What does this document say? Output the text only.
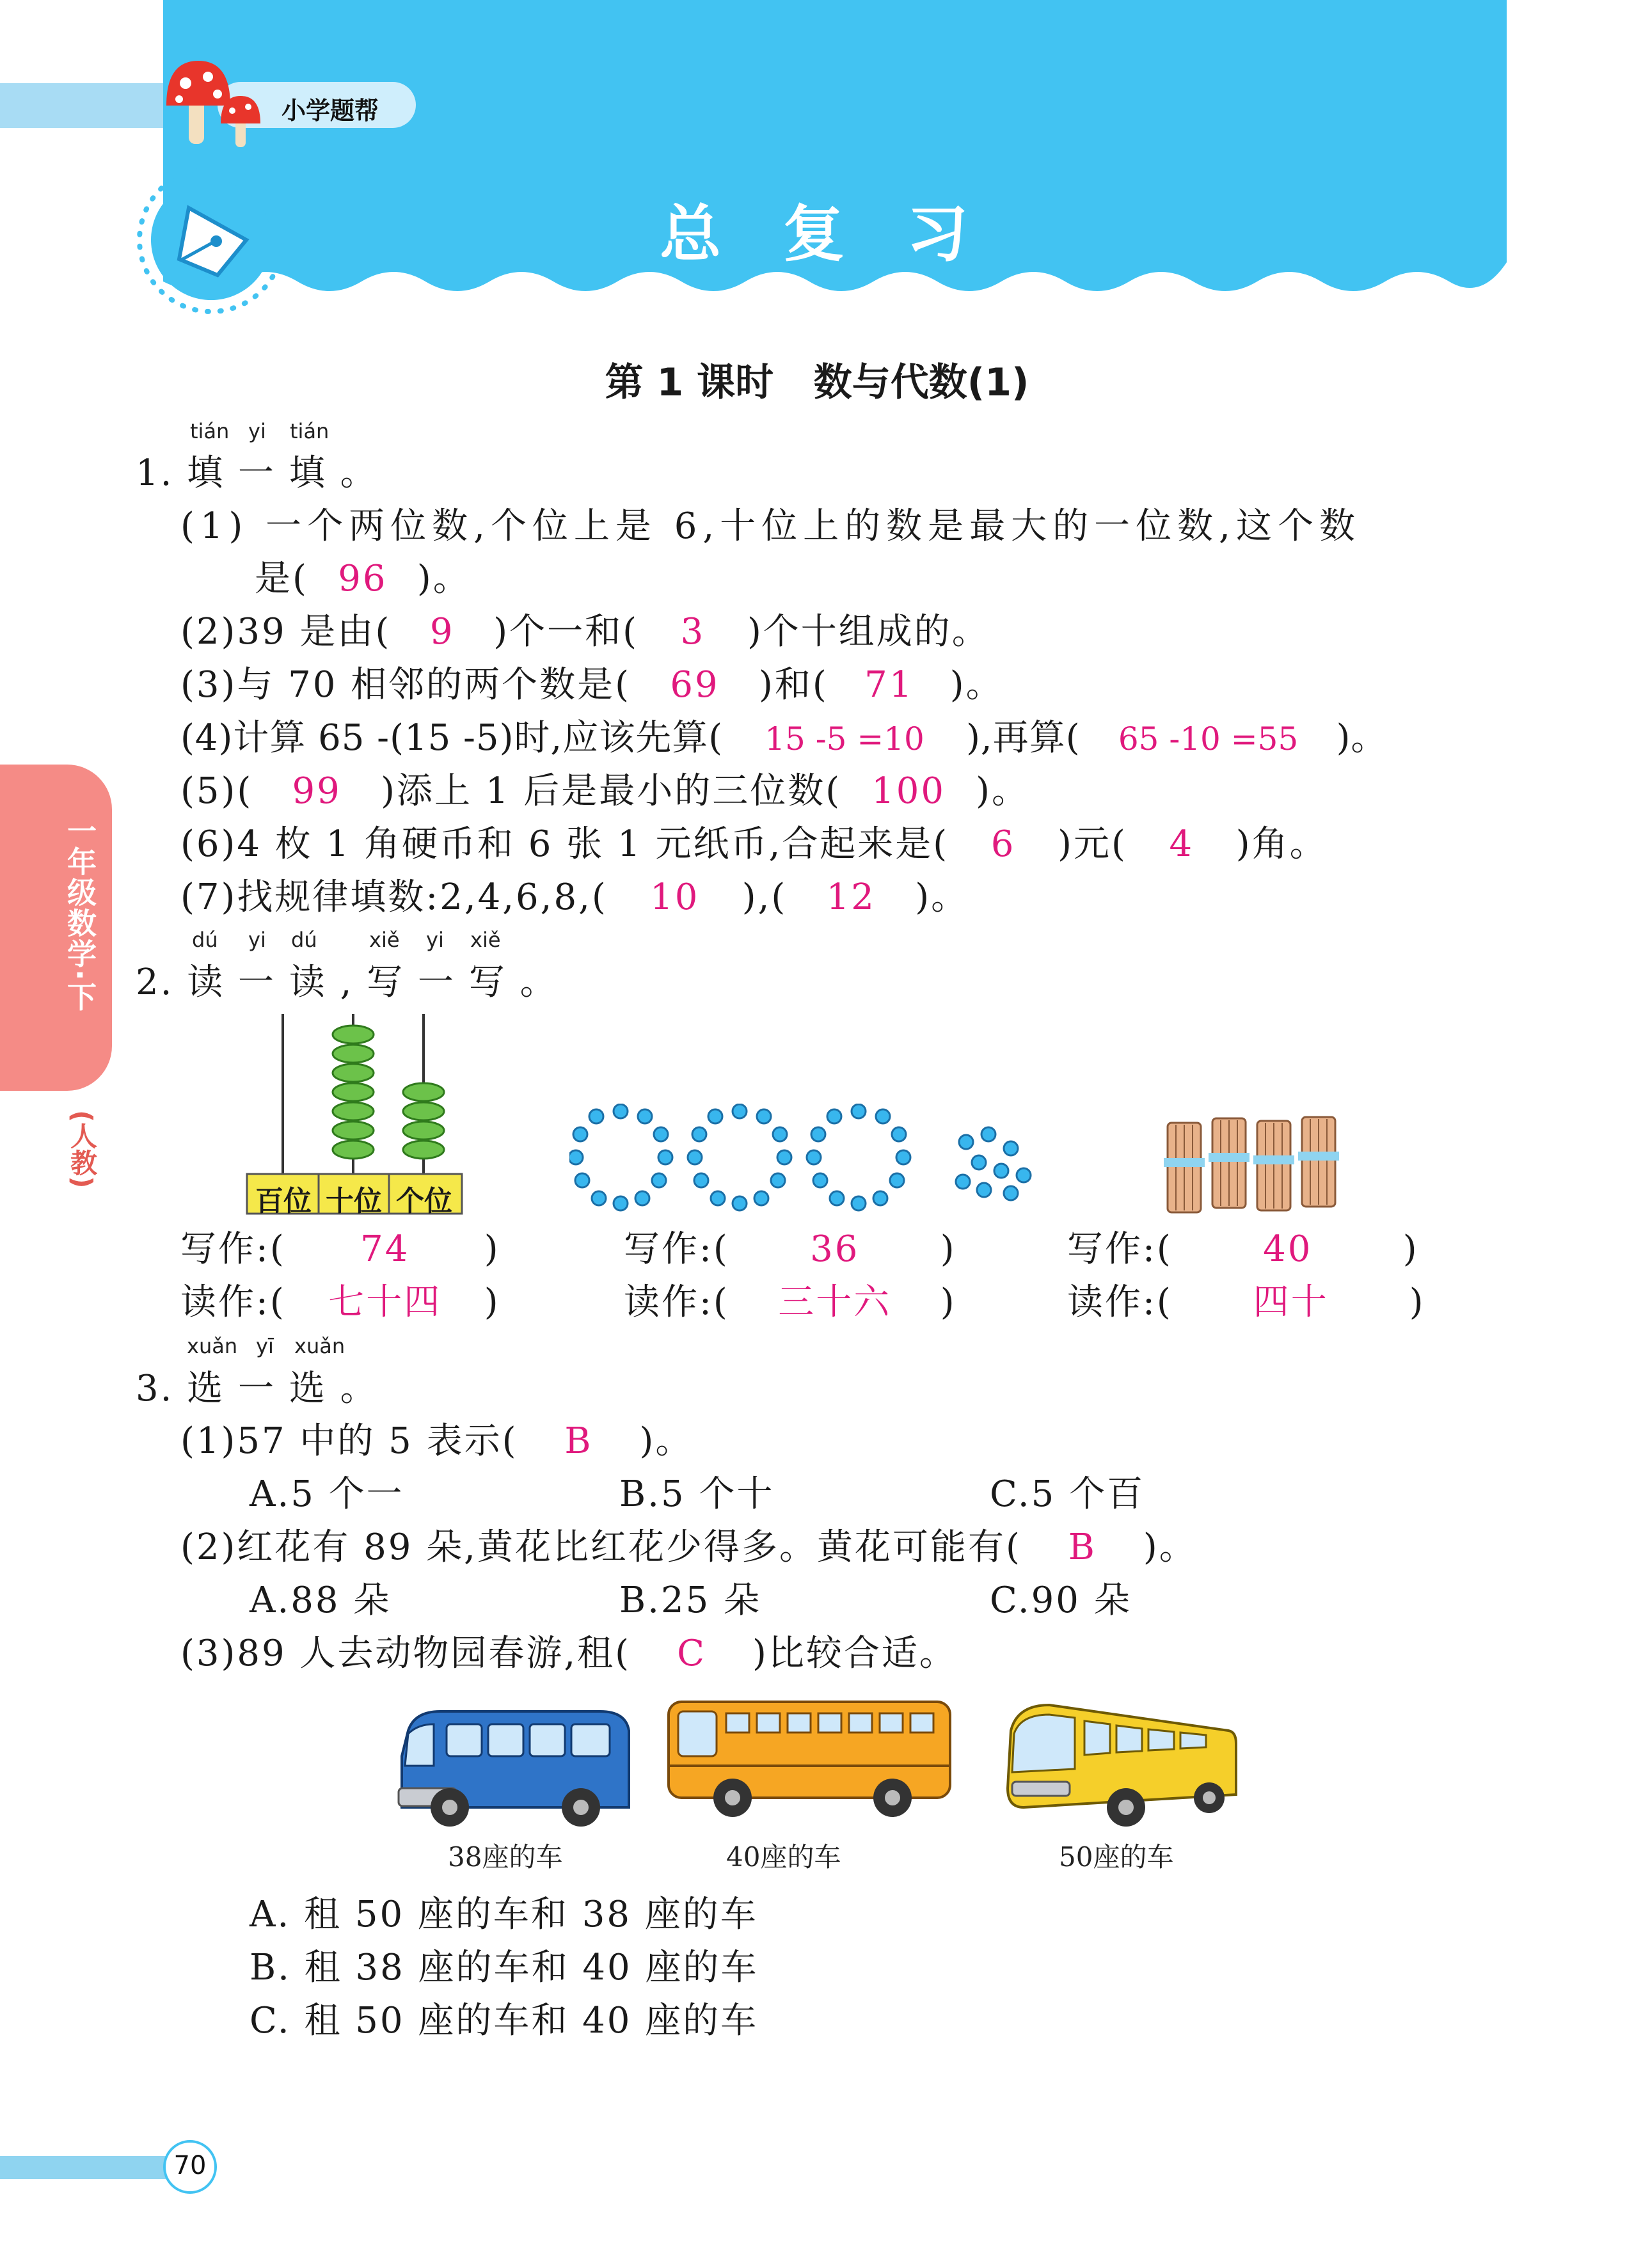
小学题帮
总  复  习
一年级数学·下
(人教)
第 1 课时   数与代数(1)
tián yi tián
1. 填 一 填 。
(1) 一个两位数,个位上是 6,十位上的数是最大的一位数,这个数
是( 96 )。
(2)39 是由( 9 )个一和( 3 )个十组成的。
(3)与 70 相邻的两个数是( 69 )和( 71 )。
(4)计算 65 -(15 -5)时,应该先算( 15 -5 =10 ),再算( 65 -10 =55 )。
(5)( 99 )添上 1 后是最小的三位数( 100 )。
(6)4 枚 1 角硬币和 6 张 1 元纸币,合起来是( 6 )元( 4 )角。
(7)找规律填数:2,4,6,8,( 10 ),( 12 )。
dú yi dú	xiě yi xiě
2. 读 一 读 , 写 一 写 。
百位 十位 个位
写作:( 74 )
读作:( 七十四 )
写作:( 36 )
读作:( 三十六 )
写作:(	40	)
读作:( 四十 )
xuǎn yī xuǎn
3. 选 一 选 。
(1)57 中的 5 表示( B )。
A.5 个一	B.5 个十	C.5 个百
(2)红花有 89 朵,黄花比红花少得多。黄花可能有( B )。
A.88 朵	B.25 朵	C.90 朵
(3)89 人去动物园春游,租( C )比较合适。
38座的车	40座的车	50座的车
A. 租 50 座的车和 38 座的车
B. 租 38 座的车和 40 座的车
C. 租 50 座的车和 40 座的车
70
